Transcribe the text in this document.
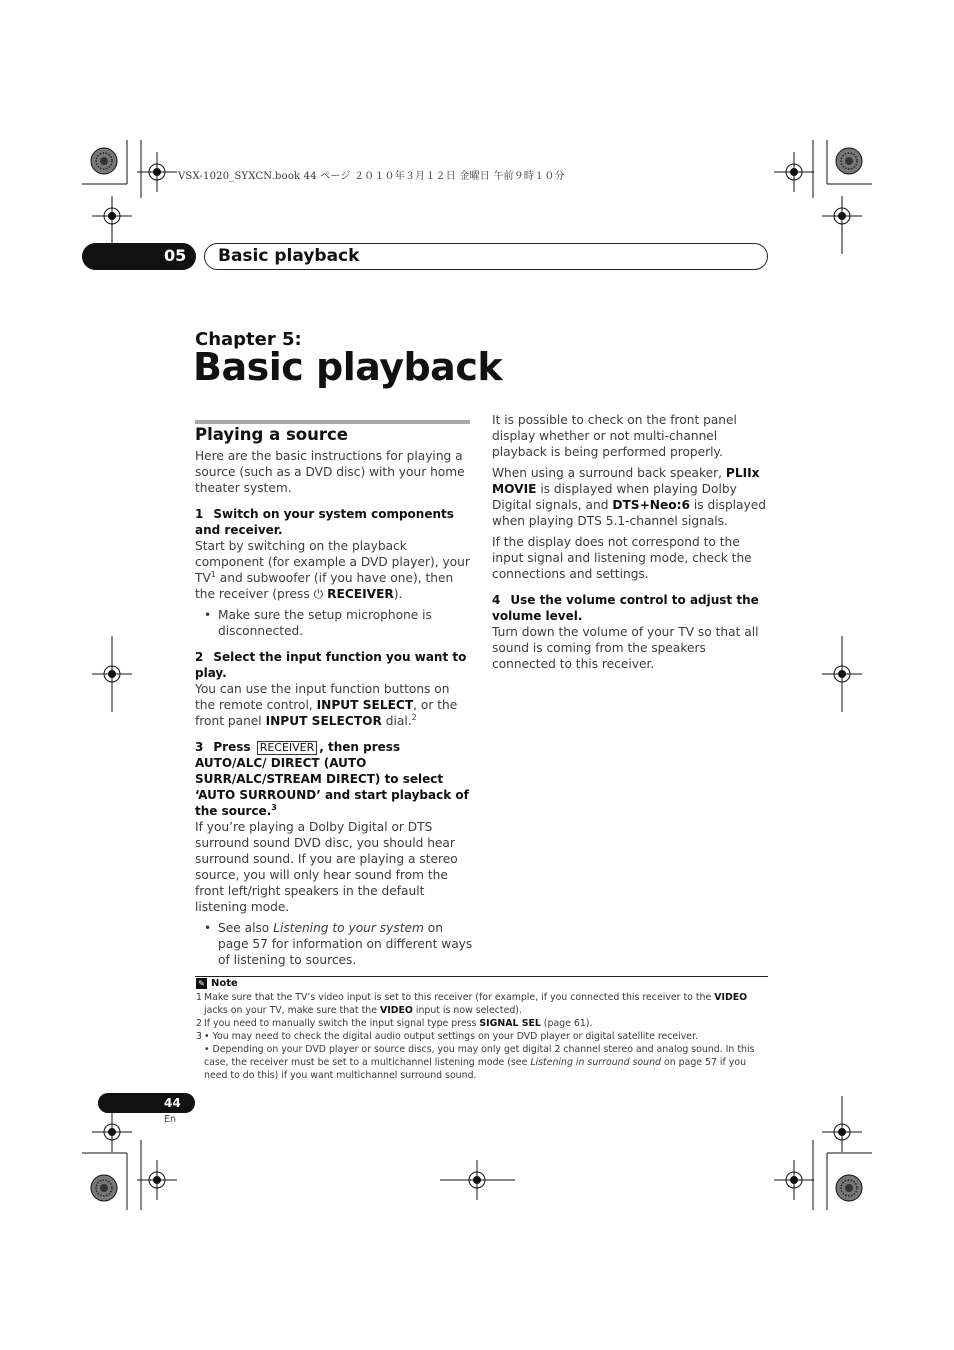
VSX-1020_SYXCN.book 44 ページ ２０１０年３月１２日 金曜日 午前９時１０分
05 Basic playback
Chapter 5:
Basic playback
Playing a source

Here are the basic instructions for playing a source (such as a DVD disc) with your home theater system.

1 Switch on your system components and receiver.

Start by switching on the playback component (for example a DVD player), your $TV^1$ and subwoofer (if you have one), then the receiver (press ⏻ RECEIVER).

• Make sure the setup microphone is disconnected.
2 Select the input function you want to play.

You can use the input function buttons on the remote control, INPUT SELECT, or the front panel INPUT SELECTOR dial.$^2$

3 Press RECEIVER , then press AUTO/ALC/ DIRECT (AUTO SURR/ALC/STREAM DIRECT) to select ‘AUTO SURROUND’ and start playback of the source.$^3$

If you’re playing a Dolby Digital or DTS surround sound DVD disc, you should hear surround sound. If you are playing a stereo source, you will only hear sound from the front left/right speakers in the default listening mode.

• See also Listening to your system on page 57 for information on different ways of listening to sources.

It is possible to check on the front panel display whether or not multi-channel playback is being performed properly.

When using a surround back speaker, PLIIx MOVIE is displayed when playing Dolby Digital signals, and DTS+Neo:6 is displayed when playing DTS 5.1-channel signals.

If the display does not correspond to the input signal and listening mode, check the connections and settings.

4 Use the volume control to adjust the volume level.

Turn down the volume of your TV so that all sound is coming from the speakers connected to this receiver.

✎ Note

1 Make sure that the TV’s video input is set to this receiver (for example, if you connected this receiver to the VIDEO jacks on your TV, make sure that the VIDEO input is now selected).

2 If you need to manually switch the input signal type press SIGNAL SEL (page 61).

3 • You may need to check the digital audio output settings on your DVD player or digital satellite receiver.

• Depending on your DVD player or source discs, you may only get digital 2 channel stereo and analog sound. In this case, the receiver must be set to a multichannel listening mode (see Listening in surround sound on page 57 if you need to do this) if you want multichannel surround sound.

44
En
